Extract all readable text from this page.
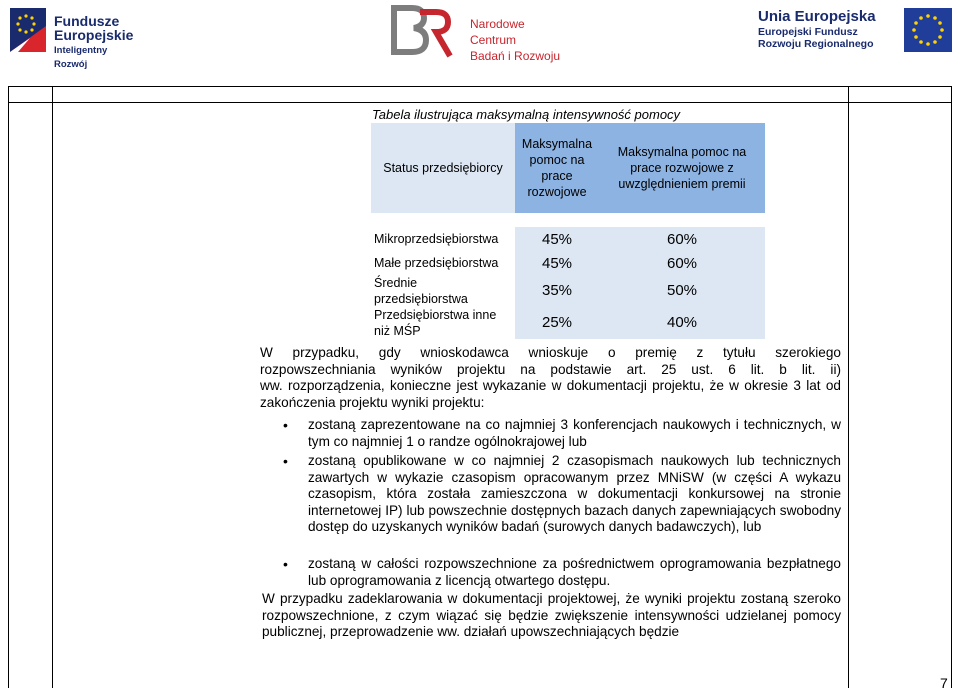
Fundusze
Europejskie
Inteligentny Rozwój
Narodowe Centrum
Badań i Rozwoju
Unia Europejska
Europejski Fundusz
Rozwoju Regionalnego
Tabela ilustrująca maksymalną intensywność pomocy
Status przedsiębiorcy	Maksymalna pomoc na prace rozwojowe	Maksymalna pomoc na prace rozwojowe z uwzględnieniem premii

Mikroprzedsiębiorstwa	45%	60%
Małe przedsiębiorstwa	45%	60%
Średnie przedsiębiorstwa	35%	50%
Przedsiębiorstwa inne niż MŚP	25%	40%
W przypadku, gdy wnioskodawca wnioskuje o premię z tytułu szerokiego
rozpowszechniania wyników projektu na podstawie art. 25 ust. 6 lit. b lit. ii)
ww. rozporządzenia, konieczne jest wykazanie w dokumentacji projektu, że w okresie 3 lat od zakończenia projektu wyniki projektu:
• zostaną zaprezentowane na co najmniej 3 konferencjach naukowych i technicznych, w tym co najmniej 1 o randze ogólnokrajowej lub
• zostaną opublikowane w co najmniej 2 czasopismach naukowych lub technicznych zawartych w wykazie czasopism opracowanym przez MNiSW (w części A wykazu czasopism, która została zamieszczona w dokumentacji konkursowej na stronie internetowej IP) lub powszechnie dostępnych bazach danych zapewniających swobodny dostęp do uzyskanych wyników badań (surowych danych badawczych), lub
• zostaną w całości rozpowszechnione za pośrednictwem oprogramowania bezpłatnego lub oprogramowania z licencją otwartego dostępu.
W przypadku zadeklarowania w dokumentacji projektowej, że wyniki projektu zostaną szeroko rozpowszechnione, z czym wiązać się będzie zwiększenie intensywności udzielanej pomocy publicznej, przeprowadzenie ww. działań upowszechniających będzie
7
